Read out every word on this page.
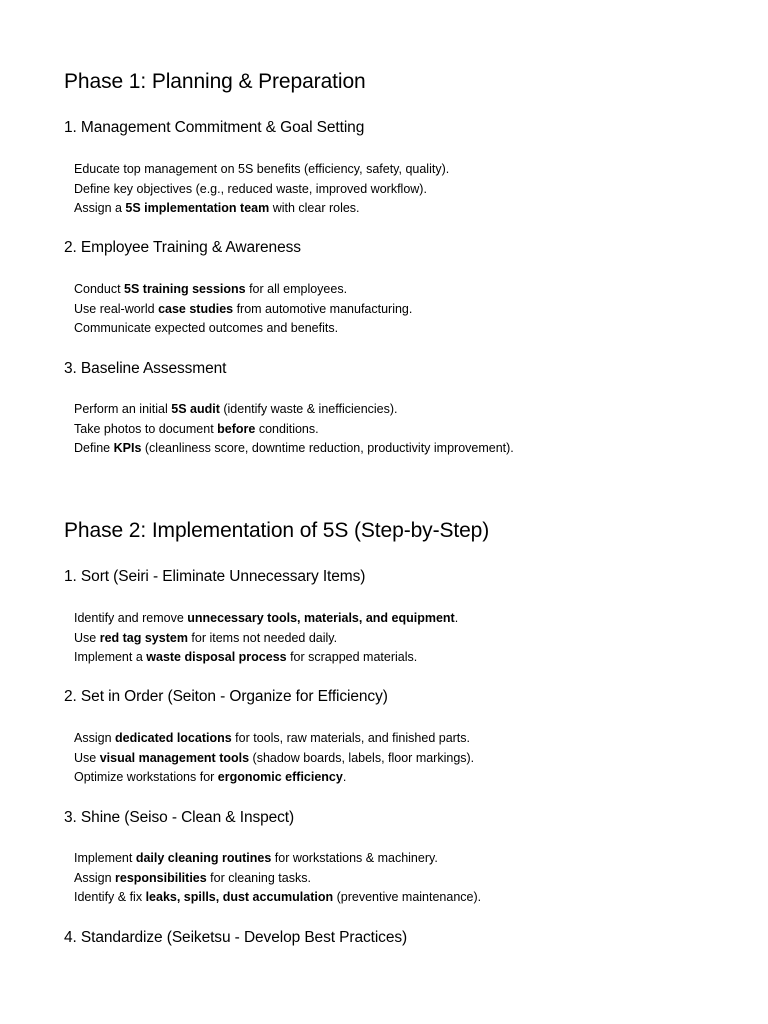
Phase 1: Planning & Preparation
1. Management Commitment & Goal Setting
Educate top management on 5S benefits (efficiency, safety, quality).
Define key objectives (e.g., reduced waste, improved workflow).
Assign a 5S implementation team with clear roles.
2. Employee Training & Awareness
Conduct 5S training sessions for all employees.
Use real-world case studies from automotive manufacturing.
Communicate expected outcomes and benefits.
3. Baseline Assessment
Perform an initial 5S audit (identify waste & inefficiencies).
Take photos to document before conditions.
Define KPIs (cleanliness score, downtime reduction, productivity improvement).
Phase 2: Implementation of 5S (Step-by-Step)
1. Sort (Seiri - Eliminate Unnecessary Items)
Identify and remove unnecessary tools, materials, and equipment.
Use red tag system for items not needed daily.
Implement a waste disposal process for scrapped materials.
2. Set in Order (Seiton - Organize for Efficiency)
Assign dedicated locations for tools, raw materials, and finished parts.
Use visual management tools (shadow boards, labels, floor markings).
Optimize workstations for ergonomic efficiency.
3. Shine (Seiso - Clean & Inspect)
Implement daily cleaning routines for workstations & machinery.
Assign responsibilities for cleaning tasks.
Identify & fix leaks, spills, dust accumulation (preventive maintenance).
4. Standardize (Seiketsu - Develop Best Practices)
